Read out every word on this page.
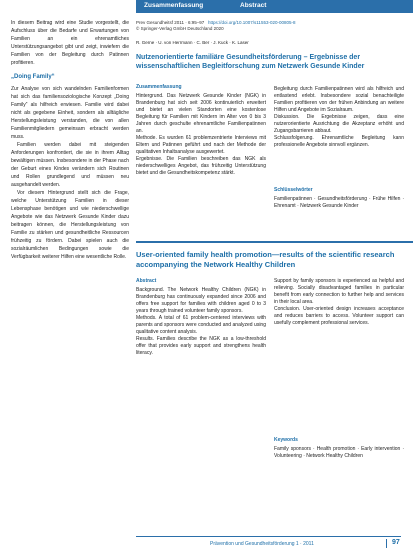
In diesem Beitrag wird eine Studie vorgestellt, die Aufschluss über die Bedarfe und Erwartungen von Familien an ein ehrenamtliches Unterstützungsangebot gibt und zeigt, inwiefern die Familien von der Begleitung durch Patinnen profitieren.

„Doing Family“

Zur Analyse von sich wandelnden Familienformen hat sich das familiensoziologische Konzept „Doing Family“ als hilfreich erwiesen. Familie wird dabei nicht als gegebene Einheit, sondern als alltägliche Herstellungsleistung verstanden, die von allen Familienmitgliedern gemeinsam erbracht werden muss.

Familien werden dabei mit steigenden Anforderungen konfrontiert, die sie in ihrem Alltag bewältigen müssen. Insbesondere in der Phase nach der Geburt eines Kindes verändern sich Routinen und Rollen grundlegend und müssen neu ausgehandelt werden.

Vor diesem Hintergrund stellt sich die Frage, welche Unterstützung Familien in dieser Lebensphase benötigen und wie niederschwellige Angebote wie das Netzwerk Gesunde Kinder dazu beitragen können, die Herstellungsleistung von Familie zu stärken und gesundheitliche Ressourcen frühzeitig zu fördern. Dabei spielen auch die sozialräumlichen Bedingungen sowie die Verfügbarkeit weiterer Hilfen eine wesentliche Rolle.

Zusammenfassung	Abstract
Prev Gesundheitsf 2011 · 6:95–97 https://doi.org/10.1007/s11553-020-00805-8
© Springer-Verlag GmbH Deutschland 2020
R. Gerne · U. von Herrmann · C. Ber · J. Kuck · K. Laser
Nutzenorientierte familiäre Gesundheitsförderung – Ergebnisse der wissenschaftlichen Begleitforschung zum Netzwerk Gesunde Kinder
Zusammenfassung
Hintergrund. Das Netzwerk Gesunde Kinder (NGK) in Brandenburg hat sich seit 2006 kontinuierlich erweitert und bietet an vielen Standorten eine kostenlose Begleitung für Familien mit Kindern im Alter von 0 bis 3 Jahren durch geschulte ehrenamtliche Familienpatinnen an.
Methode. Es wurden 61 problemzentrierte Interviews mit Eltern und Patinnen geführt und nach der Methode der qualitativen Inhaltsanalyse ausgewertet.
Ergebnisse. Die Familien beschreiben das NGK als niederschwelliges Angebot, das frühzeitig Unterstützung bietet und die Gesundheitskompetenz stärkt.
Begleitung durch Familienpatinnen wird als hilfreich und entlastend erlebt. Insbesondere sozial benachteiligte Familien profitieren von der frühen Anbindung an weitere Hilfen und Angebote im Sozialraum.
Diskussion. Die Ergebnisse zeigen, dass eine nutzerorientierte Ausrichtung die Akzeptanz erhöht und Zugangsbarrieren abbaut.
Schlussfolgerung. Ehrenamtliche Begleitung kann professionelle Angebote sinnvoll ergänzen.
Schlüsselwörter
Familienpatinnen · Gesundheitsförderung · Frühe Hilfen · Ehrenamt · Netzwerk Gesunde Kinder
User-oriented family health promotion—results of the scientific research accompanying the Network Healthy Children
Abstract
Background. The Network Healthy Children (NGK) in Brandenburg has continuously expanded since 2006 and offers free support for families with children aged 0 to 3 years through trained volunteer family sponsors.
Methods. A total of 61 problem-centered interviews with parents and sponsors were conducted and analyzed using qualitative content analysis.
Results. Families describe the NGK as a low-threshold offer that provides early support and strengthens health literacy.
Support by family sponsors is experienced as helpful and relieving. Socially disadvantaged families in particular benefit from early connection to further help and services in their local area.
Conclusion. User-oriented design increases acceptance and reduces barriers to access. Volunteer support can usefully complement professional services.
Keywords
Family sponsors · Health promotion · Early intervention · Volunteering · Network Healthy Children
Prävention und Gesundheitsförderung 1 · 2011	97
